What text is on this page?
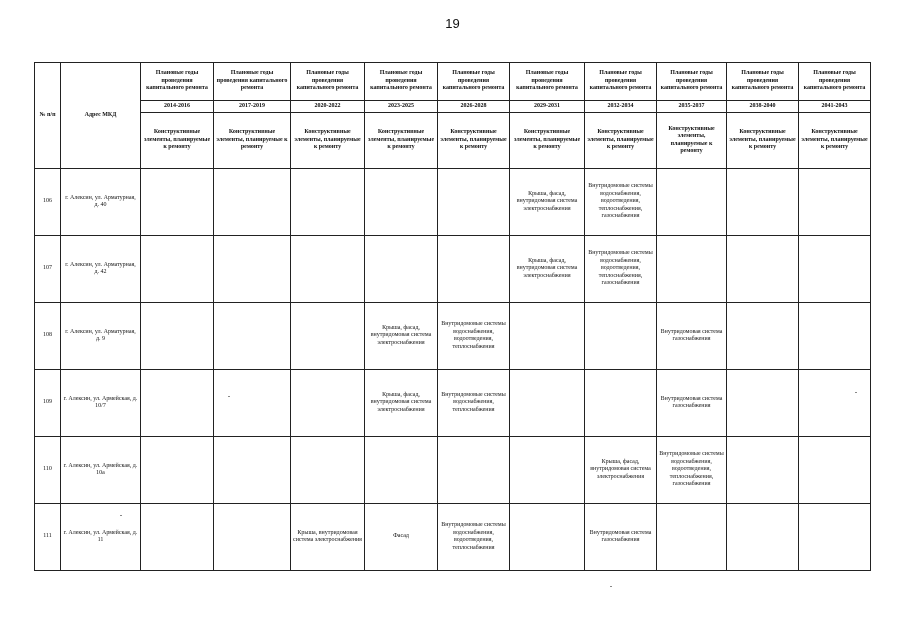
19
№ п/п	Адрес МКД	Плановые годы проведения капитального ремонта	Плановые годы проведения капитального ремонта	Плановые годы проведения капитального ремонта	Плановые годы проведения капитального ремонта	Плановые годы проведения капитального ремонта	Плановые годы проведения капитального ремонта	Плановые годы проведения капитального ремонта	Плановые годы проведения капитального ремонта	Плановые годы проведения капитального ремонта	Плановые годы проведения капитального ремонта
		2014-2016	2017-2019	2020-2022	2023-2025	2026-2028	2029-2031	2032-2034	2035-2037	2038-2040	2041-2043
		Конструктивные элементы, планируемые к ремонту	Конструктивные элементы, планируемые к ремонту	Конструктивные элементы, планируемые к ремонту	Конструктивные элементы, планируемые к ремонту	Конструктивные элементы, планируемые к ремонту	Конструктивные элементы, планируемые к ремонту	Конструктивные элементы, планируемые к ремонту	Конструктивные элементы, планируемые к ремонту	Конструктивные элементы, планируемые к ремонту	Конструктивные элементы, планируемые к ремонту
106	г. Алексин, ул. Арматурная, д. 40						Крыша, фасад, внутридомовая система электроснабжения	Внутридомовые системы водоснабжения, водоотведения, теплоснабжения, газоснабжения			
107	г. Алексин, ул. Арматурная, д. 42						Крыша, фасад, внутридомовая система электроснабжения	Внутридомовые системы водоснабжения, водоотведения, теплоснабжения, газоснабжения			
108	г. Алексин, ул. Арматурная, д. 9				Крыша, фасад, внутридомовая система электроснабжения	Внутридомовые системы водоснабжения, водоотведения, теплоснабжения			Внутридомовая система газоснабжения		
109	г. Алексин, ул. Армейская, д. 10/7				Крыша, фасад, внутридомовая система электроснабжения	Внутридомовые системы водоснабжения, теплоснабжения			Внутридомовая система газоснабжения		
110	г. Алексин, ул. Армейская, д. 10а							Крыша, фасад, внутридомовая система электроснабжения	Внутридомовые системы водоснабжения, водоотведения, теплоснабжения, газоснабжения		
111	г. Алексин, ул. Армейская, д. 11			Крыша, внутридомовая система электроснабжения	Фасад	Внутридомовые системы водоснабжения, водоотведения, теплоснабжения		Внутридомовая система газоснабжения			
